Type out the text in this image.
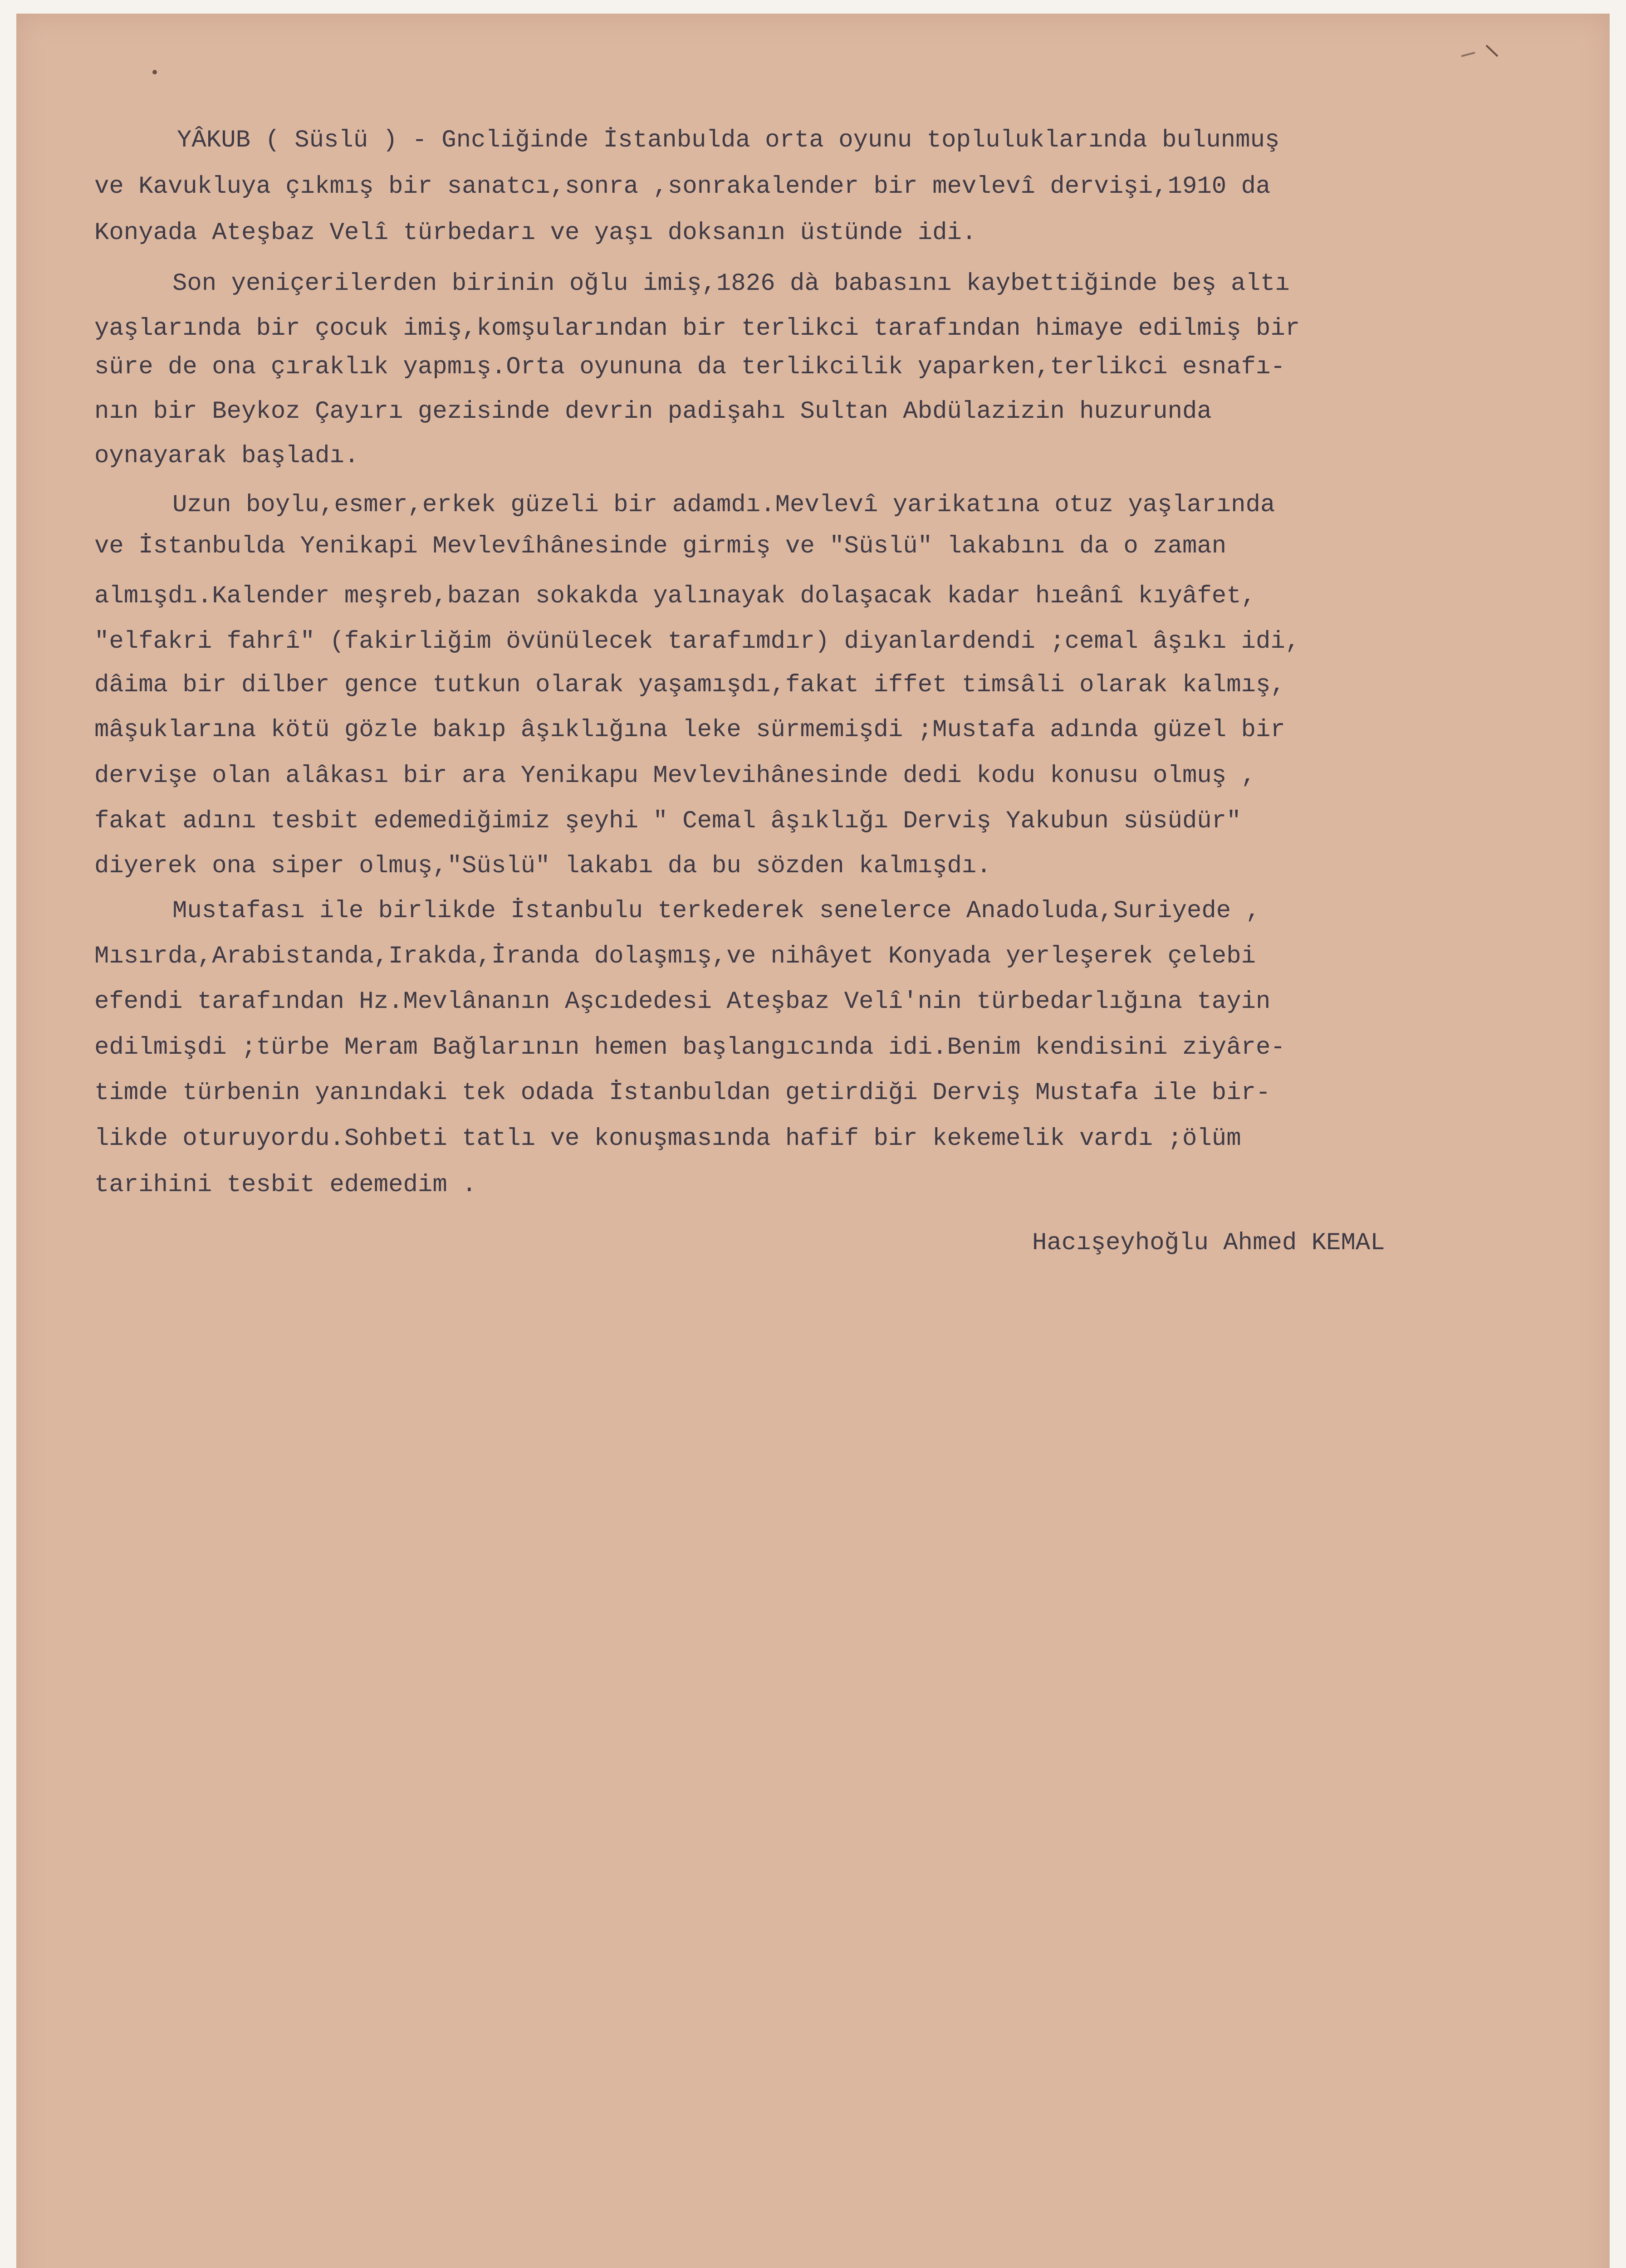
YÂKUB ( Süslü ) - Gncliğinde İstanbulda orta oyunu topluluklarında bulunmuş

ve Kavukluya çıkmış bir sanatcı,sonra ,sonrakalender bir mevlevî dervişi,1910 da

Konyada Ateşbaz Velî türbedarı ve yaşı doksanın üstünde idi.

Son yeniçerilerden birinin oğlu imiş,1826 dà babasını kaybettiğinde beş altı

yaşlarında bir çocuk imiş,komşularından bir terlikci tarafından himaye edilmiş bir

süre de ona çıraklık yapmış.Orta oyununa da terlikcilik yaparken,terlikci esnafı-

nın bir Beykoz Çayırı gezisinde devrin padişahı Sultan Abdülazizin huzurunda

oynayarak başladı.

Uzun boylu,esmer,erkek güzeli bir adamdı.Mevlevî yarikatına otuz yaşlarında

ve İstanbulda Yenikapi Mevlevîhânesinde girmiş ve "Süslü" lakabını da o zaman

almışdı.Kalender meşreb,bazan sokakda yalınayak dolaşacak kadar hıeânî kıyâfet,

"elfakri fahrî" (fakirliğim övünülecek tarafımdır) diyanlardendi ;cemal âşıkı idi,

dâima bir dilber gence tutkun olarak yaşamışdı,fakat iffet timsâli olarak kalmış,

mâşuklarına kötü gözle bakıp âşıklığına leke sürmemişdi ;Mustafa adında güzel bir

dervişe olan alâkası bir ara Yenikapu Mevlevihânesinde dedi kodu konusu olmuş ,

fakat adını tesbit edemediğimiz şeyhi " Cemal âşıklığı Derviş Yakubun süsüdür"

diyerek ona siper olmuş,"Süslü" lakabı da bu sözden kalmışdı.

Mustafası ile birlikde İstanbulu terkederek senelerce Anadoluda,Suriyede ,

Mısırda,Arabistanda,Irakda,İranda dolaşmış,ve nihâyet Konyada yerleşerek çelebi

efendi tarafından Hz.Mevlânanın Aşcıdedesi Ateşbaz Velî'nin türbedarlığına tayin

edilmişdi ;türbe Meram Bağlarının hemen başlangıcında idi.Benim kendisini ziyâre-

timde türbenin yanındaki tek odada İstanbuldan getirdiği Derviş Mustafa ile bir-

likde oturuyordu.Sohbeti tatlı ve konuşmasında hafif bir kekemelik vardı ;ölüm

tarihini tesbit edemedim .

Hacışeyhoğlu Ahmed KEMAL
